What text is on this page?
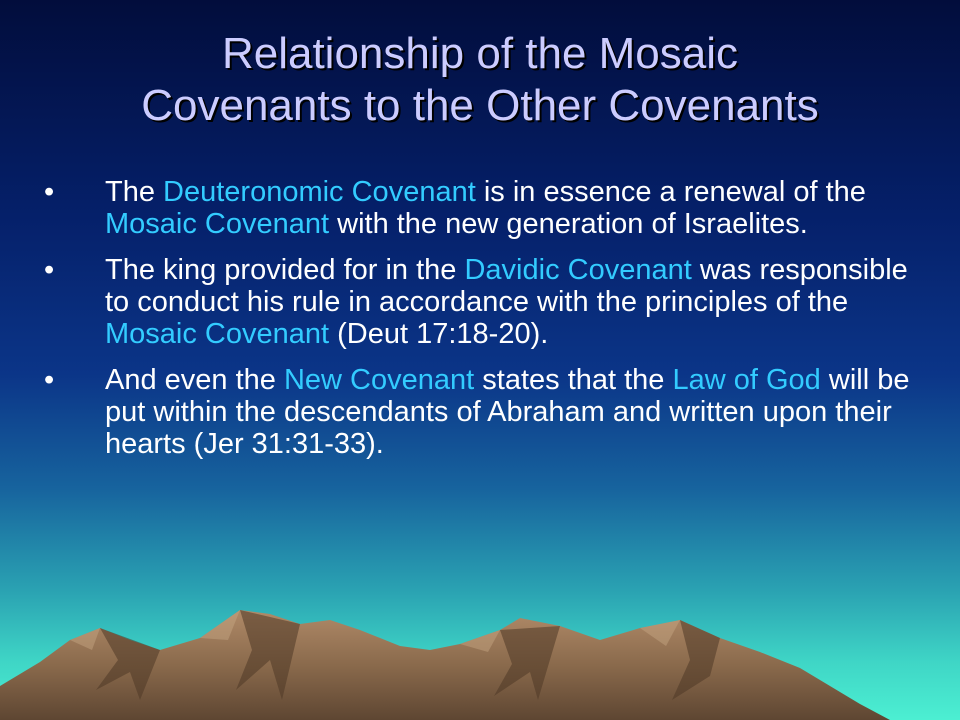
Relationship of the Mosaic
Covenants to the Other Covenants
• The Deuteronomic Covenant is in essence a renewal of the Mosaic Covenant with the new generation of Israelites.
• The king provided for in the Davidic Covenant was responsible to conduct his rule in accordance with the principles of the Mosaic Covenant (Deut 17:18-20).
• And even the New Covenant states that the Law of God will be put within the descendants of Abraham and written upon their hearts (Jer 31:31-33).
